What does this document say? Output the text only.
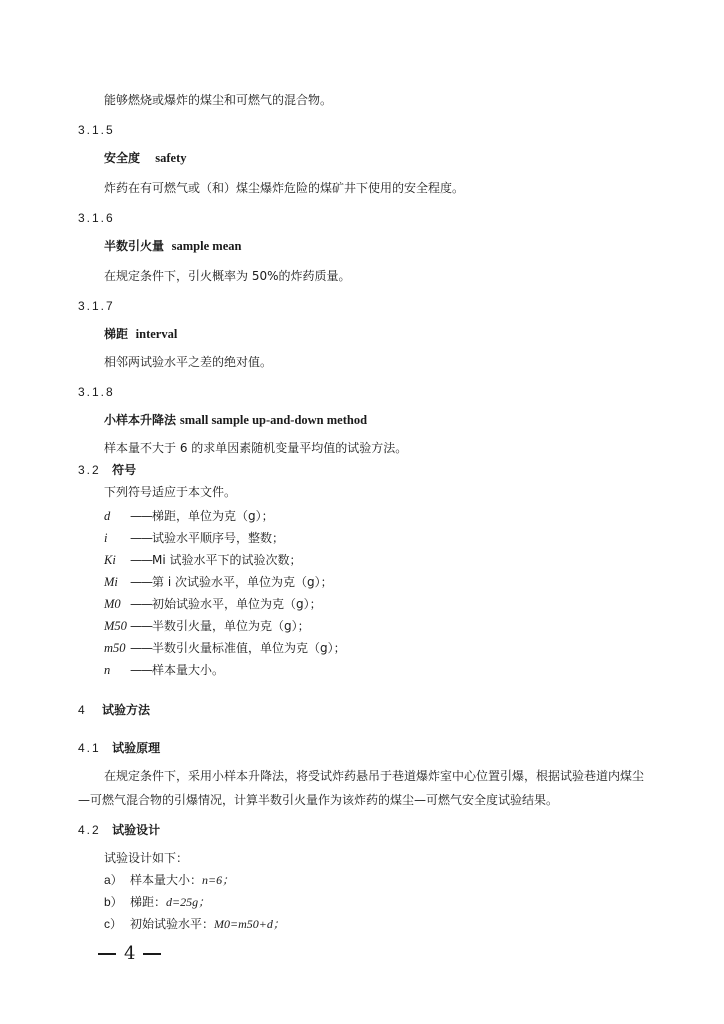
能够燃烧或爆炸的煤尘和可燃气的混合物。
3.1.5
安全度 safety
炸药在有可燃气或（和）煤尘爆炸危险的煤矿井下使用的安全程度。
3.1.6
半数引火量 sample mean
在规定条件下，引火概率为 50%的炸药质量。
3.1.7
梯距 interval
相邻两试验水平之差的绝对值。
3.1.8
小样本升降法 small sample up-and-down method
样本量不大于 6 的求单因素随机变量平均值的试验方法。
3.2 符号
下列符号适应于本文件。
d ——梯距，单位为克（g）；
i ——试验水平顺序号，整数；
Ki ——Mi 试验水平下的试验次数；
Mi ——第 i 次试验水平，单位为克（g）；
M0 ——初始试验水平，单位为克（g）；
M50 ——半数引火量，单位为克（g）；
m50 ——半数引火量标准值，单位为克（g）；
n ——样本量大小。
4 试验方法
4.1 试验原理
在规定条件下，采用小样本升降法，将受试炸药悬吊于巷道爆炸室中心位置引爆，根据试验巷道内煤尘—可燃气混合物的引爆情况，计算半数引火量作为该炸药的煤尘—可燃气安全度试验结果。
4.2 试验设计
试验设计如下：
a） 样本量大小：n=6；
b） 梯距：d=25g；
c） 初始试验水平：M0=m50+d；
4
